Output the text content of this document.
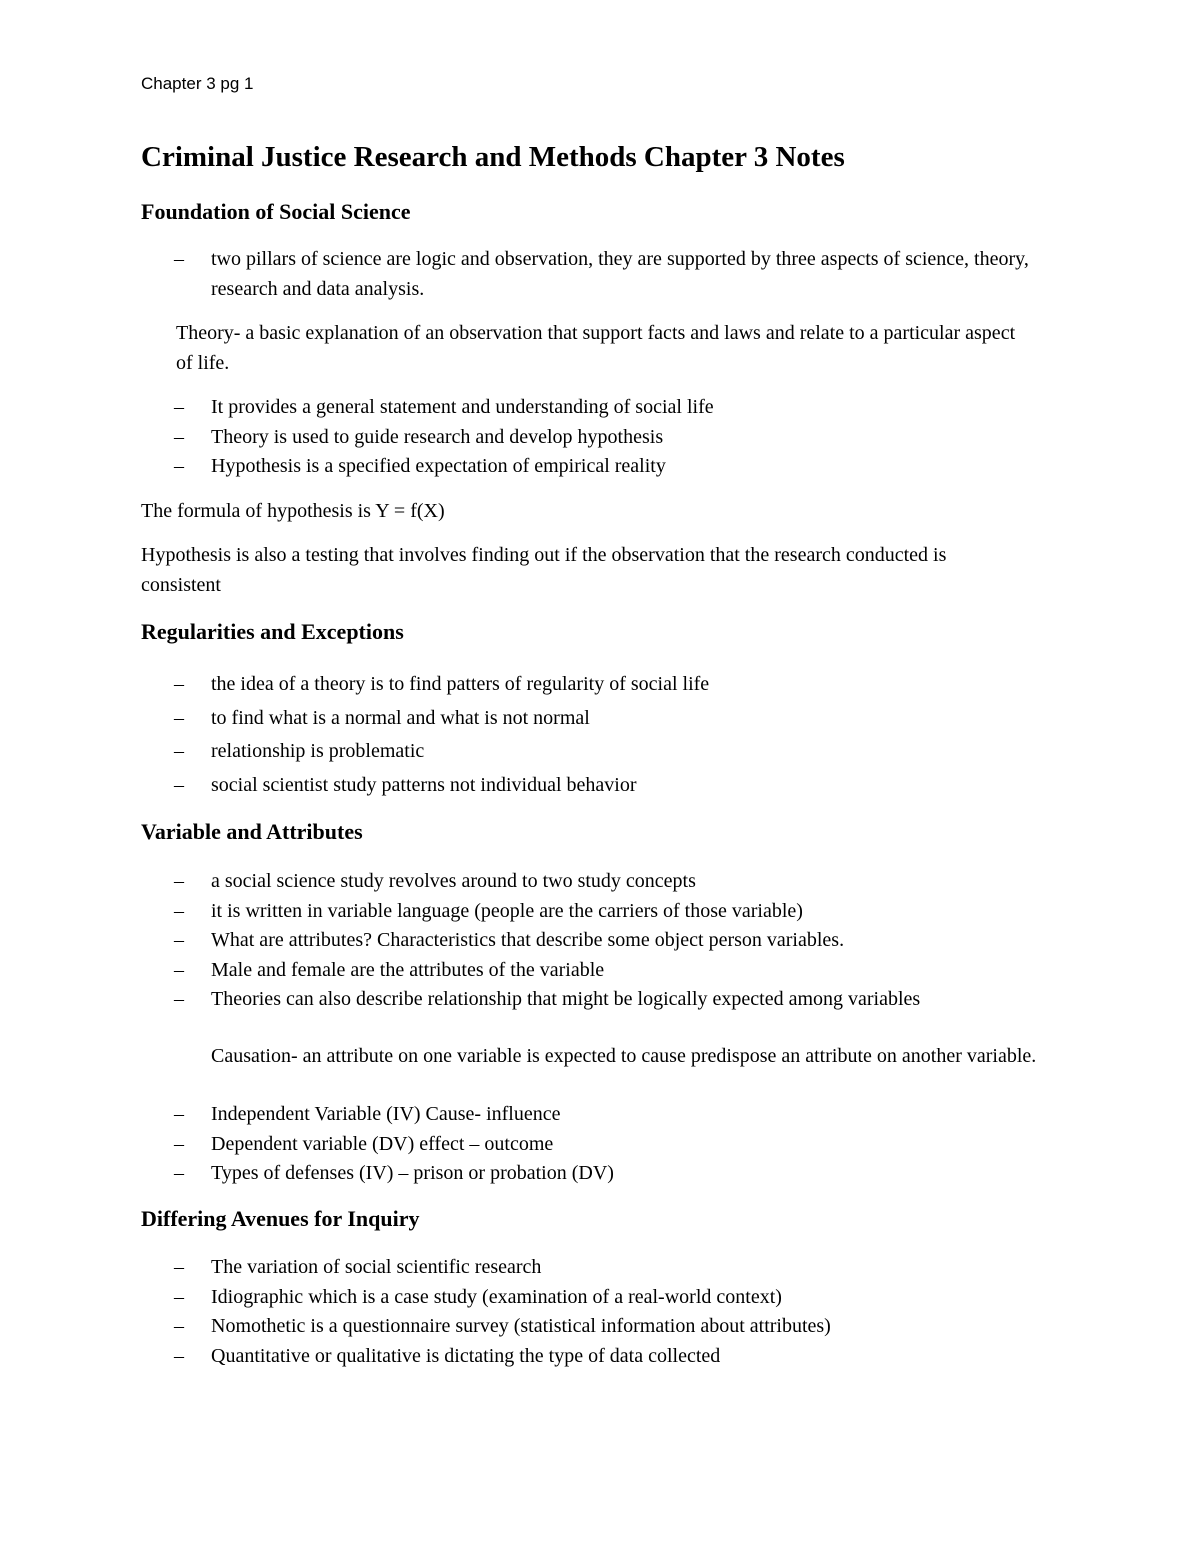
Chapter 3 pg 1
Criminal Justice Research and Methods Chapter 3 Notes
Foundation of Social Science
– two pillars of science are logic and observation, they are supported by three aspects of science, theory, research and data analysis.

Theory- a basic explanation of an observation that support facts and laws and relate to a particular aspect of life.

– It provides a general statement and understanding of social life
– Theory is used to guide research and develop hypothesis
– Hypothesis is a specified expectation of empirical reality

The formula of hypothesis is Y = f(X)

Hypothesis is also a testing that involves finding out if the observation that the research conducted is consistent

Regularities and Exceptions
– the idea of a theory is to find patters of regularity of social life
– to find what is a normal and what is not normal
– relationship is problematic
– social scientist study patterns not individual behavior
Variable and Attributes
– a social science study revolves around to two study concepts
– it is written in variable language (people are the carriers of those variable)
– What are attributes? Characteristics that describe some object person variables.
– Male and female are the attributes of the variable
– Theories can also describe relationship that might be logically expected among variables

Causation- an attribute on one variable is expected to cause predispose an attribute on another variable.

– Independent Variable (IV) Cause- influence
– Dependent variable (DV) effect – outcome
– Types of defenses (IV) – prison or probation (DV)
Differing Avenues for Inquiry
– The variation of social scientific research
– Idiographic which is a case study (examination of a real-world context)
– Nomothetic is a questionnaire survey (statistical information about attributes)
– Quantitative or qualitative is dictating the type of data collected
